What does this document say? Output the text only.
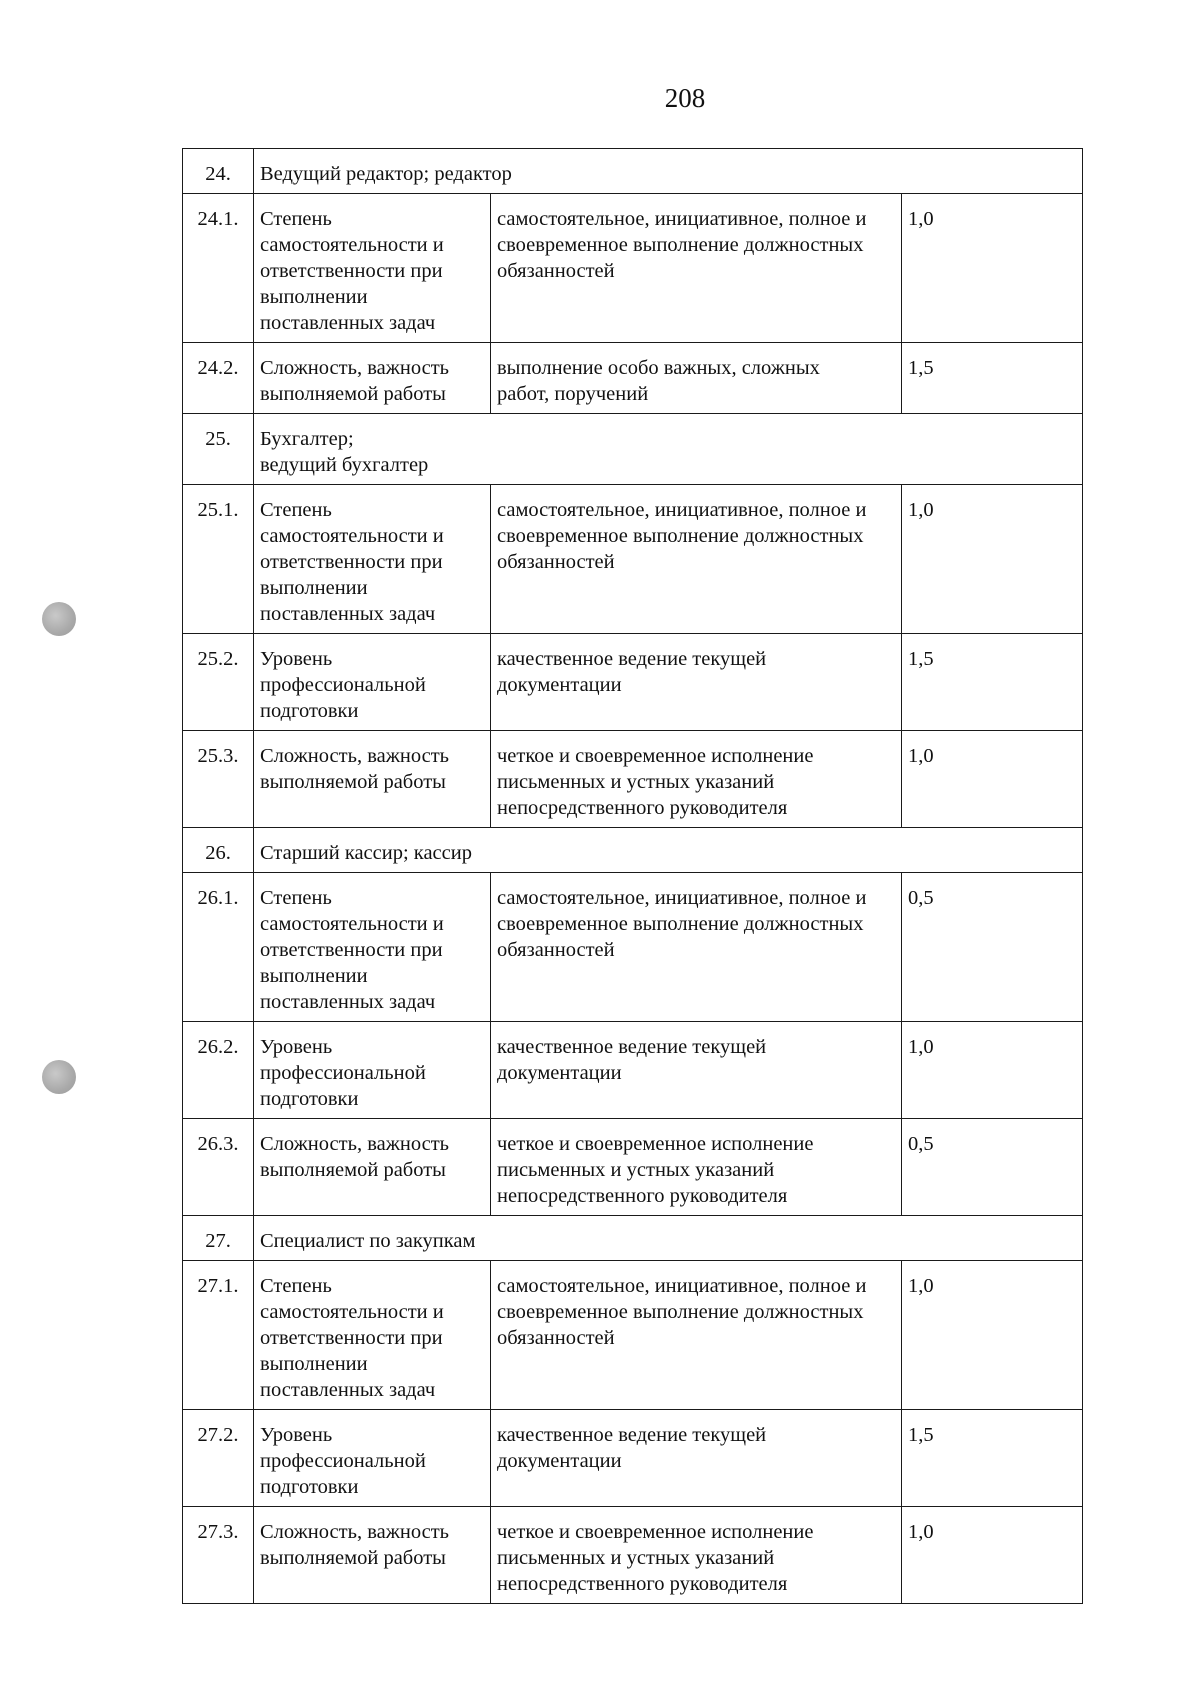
208
24.	Ведущий редактор; редактор		
24.1.	Степень
самостоятельности и
ответственности при
выполнении
поставленных задач	самостоятельное, инициативное, полное и
своевременное выполнение должностных
обязанностей	1,0
24.2.	Сложность, важность
выполняемой работы	выполнение особо важных, сложных
работ, поручений	1,5
25.	Бухгалтер;
ведущий бухгалтер		
25.1.	Степень
самостоятельности и
ответственности при
выполнении
поставленных задач	самостоятельное, инициативное, полное и
своевременное выполнение должностных
обязанностей	1,0
25.2.	Уровень
профессиональной
подготовки	качественное ведение текущей
документации	1,5
25.3.	Сложность, важность
выполняемой работы	четкое и своевременное исполнение
письменных и устных указаний
непосредственного руководителя	1,0
26.	Старший кассир; кассир		
26.1.	Степень
самостоятельности и
ответственности при
выполнении
поставленных задач	самостоятельное, инициативное, полное и
своевременное выполнение должностных
обязанностей	0,5
26.2.	Уровень
профессиональной
подготовки	качественное ведение текущей
документации	1,0
26.3.	Сложность, важность
выполняемой работы	четкое и своевременное исполнение
письменных и устных указаний
непосредственного руководителя	0,5
27.	Специалист по закупкам		
27.1.	Степень
самостоятельности и
ответственности при
выполнении
поставленных задач	самостоятельное, инициативное, полное и
своевременное выполнение должностных
обязанностей	1,0
27.2.	Уровень
профессиональной
подготовки	качественное ведение текущей
документации	1,5
27.3.	Сложность, важность
выполняемой работы	четкое и своевременное исполнение
письменных и устных указаний
непосредственного руководителя	1,0
